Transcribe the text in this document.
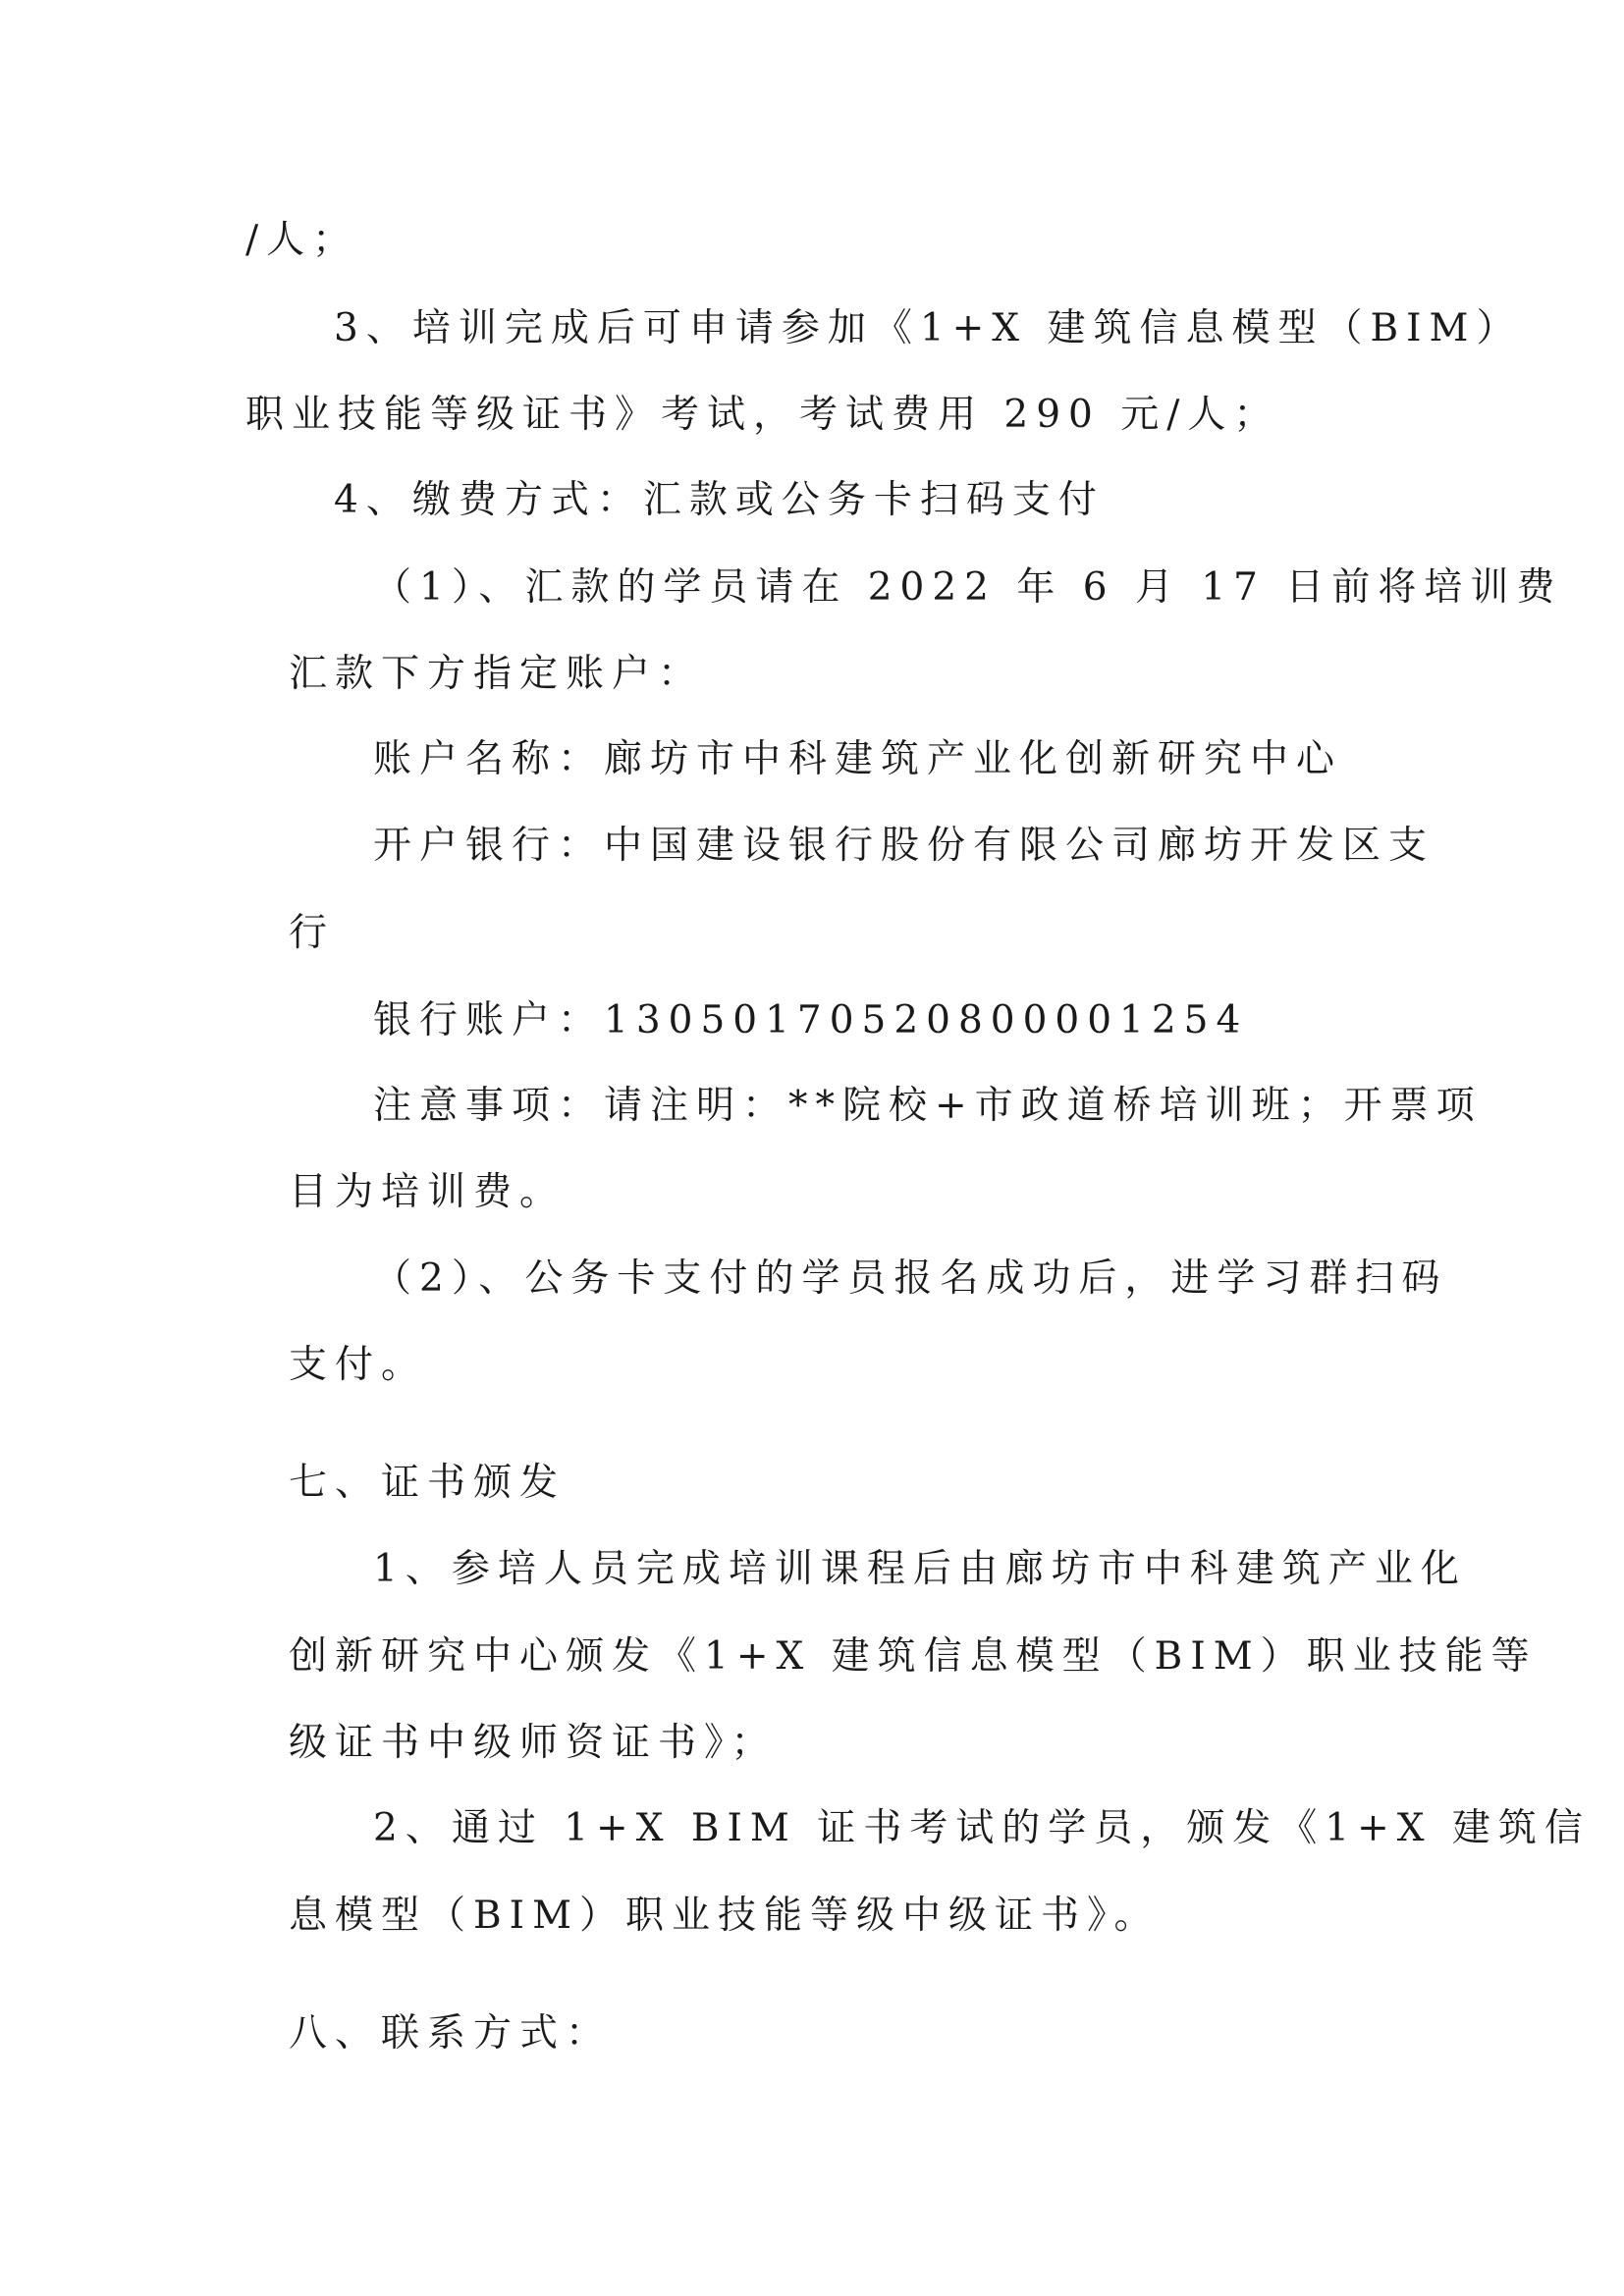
/人；
3、培训完成后可申请参加《1+X 建筑信息模型（BIM）
职业技能等级证书》考试，考试费用 290 元/人；
4、缴费方式：汇款或公务卡扫码支付
（1）、汇款的学员请在 2022 年 6 月 17 日前将培训费
汇款下方指定账户：
账户名称：廊坊市中科建筑产业化创新研究中心
开户银行：中国建设银行股份有限公司廊坊开发区支
行
银行账户：13050170520800001254
注意事项：请注明：**院校+市政道桥培训班；开票项
目为培训费。
（2）、公务卡支付的学员报名成功后，进学习群扫码
支付。
七、证书颁发
1、参培人员完成培训课程后由廊坊市中科建筑产业化
创新研究中心颁发《1+X 建筑信息模型（BIM）职业技能等
级证书中级师资证书》；
2、通过 1+X BIM 证书考试的学员，颁发《1+X 建筑信
息模型（BIM）职业技能等级中级证书》。
八、联系方式：
